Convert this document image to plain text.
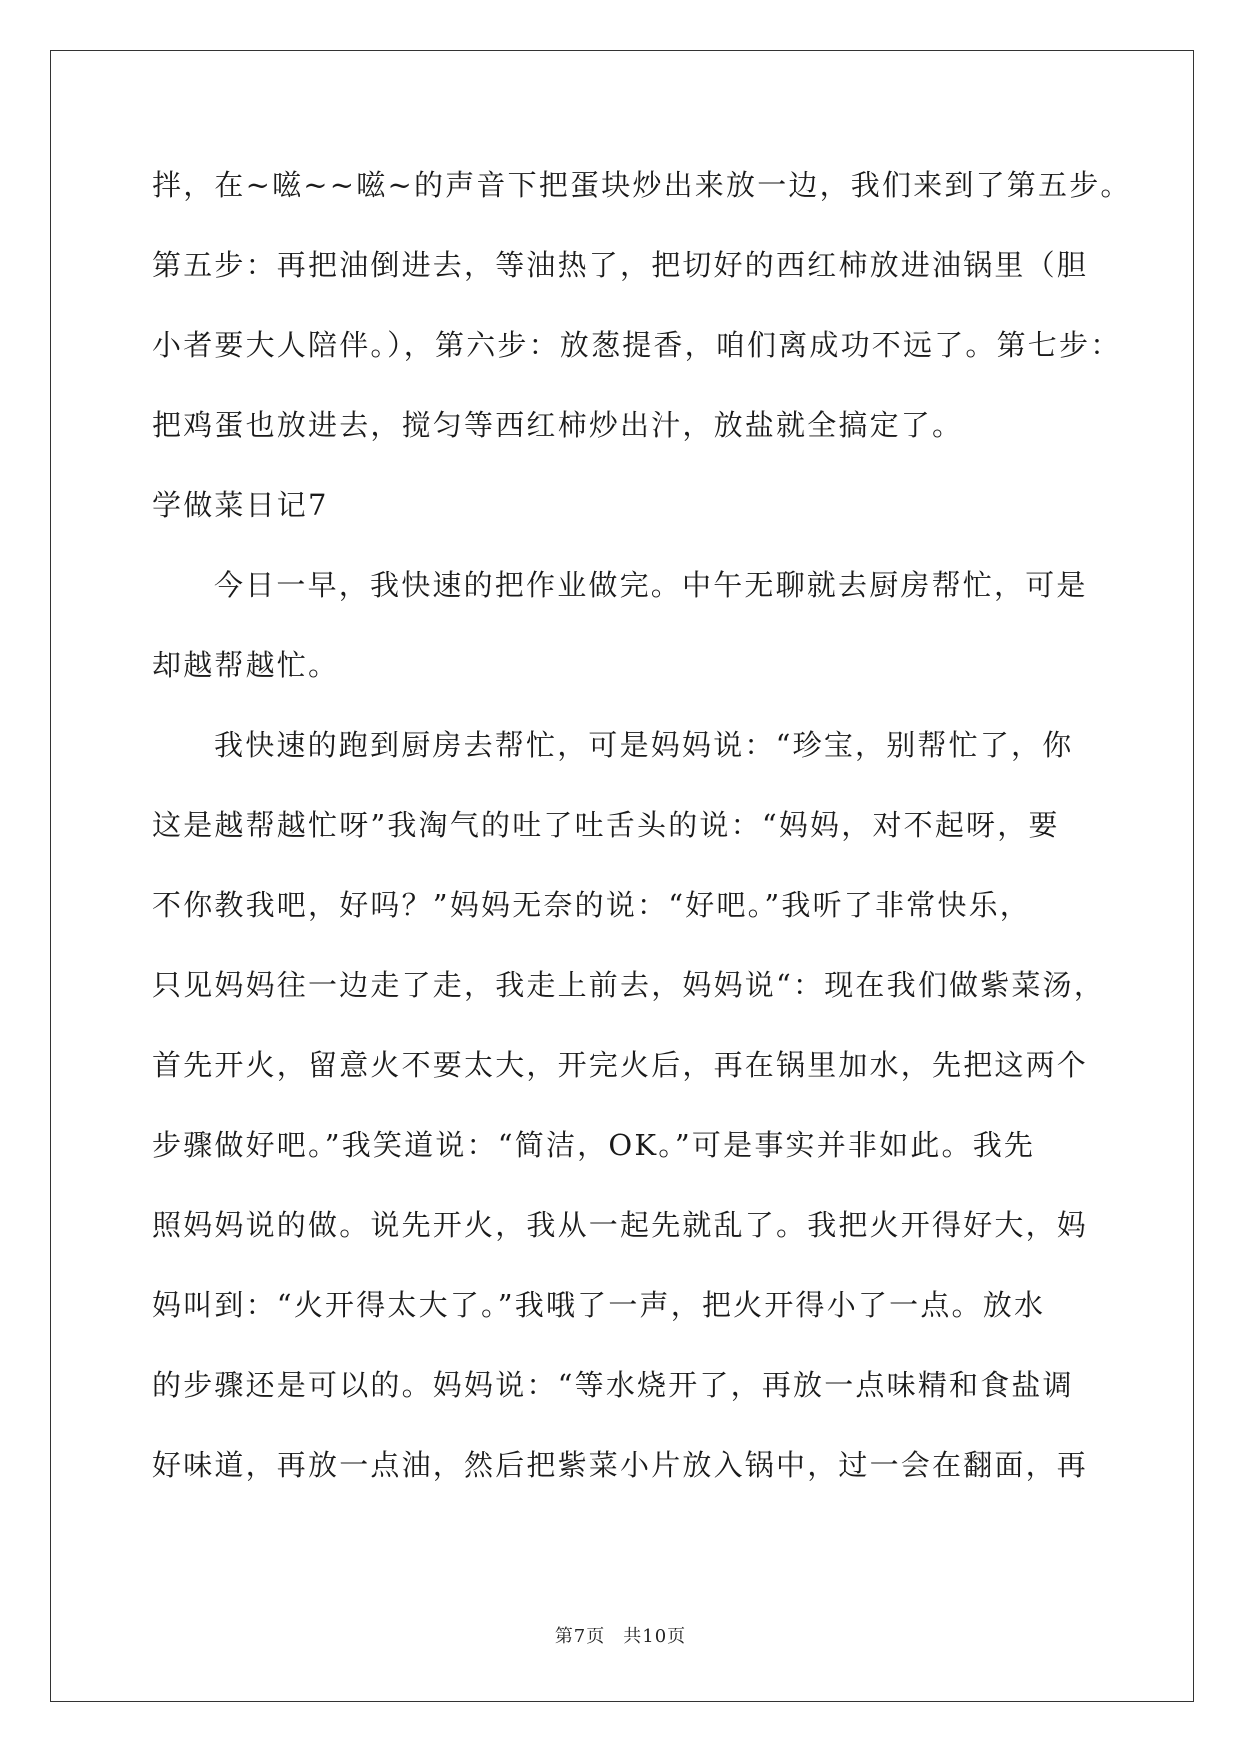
拌，在~嗞~~嗞~的声音下把蛋块炒出来放一边，我们来到了第五步。
第五步：再把油倒进去，等油热了，把切好的西红柿放进油锅里（胆
小者要大人陪伴。），第六步：放葱提香，咱们离成功不远了。第七步：
把鸡蛋也放进去，搅匀等西红柿炒出汁，放盐就全搞定了。
学做菜日记7
今日一早，我快速的把作业做完。中午无聊就去厨房帮忙，可是
却越帮越忙。
我快速的跑到厨房去帮忙，可是妈妈说：“珍宝，别帮忙了，你
这是越帮越忙呀”我淘气的吐了吐舌头的说：“妈妈，对不起呀，要
不你教我吧，好吗？”妈妈无奈的说：“好吧。”我听了非常快乐，
只见妈妈往一边走了走，我走上前去，妈妈说“：现在我们做紫菜汤，
首先开火，留意火不要太大，开完火后，再在锅里加水，先把这两个
步骤做好吧。”我笑道说：“简洁，OK。”可是事实并非如此。我先
照妈妈说的做。说先开火，我从一起先就乱了。我把火开得好大，妈
妈叫到：“火开得太大了。”我哦了一声，把火开得小了一点。放水
的步骤还是可以的。妈妈说：“等水烧开了，再放一点味精和食盐调
好味道，再放一点油，然后把紫菜小片放入锅中，过一会在翻面，再
第7页 共10页
